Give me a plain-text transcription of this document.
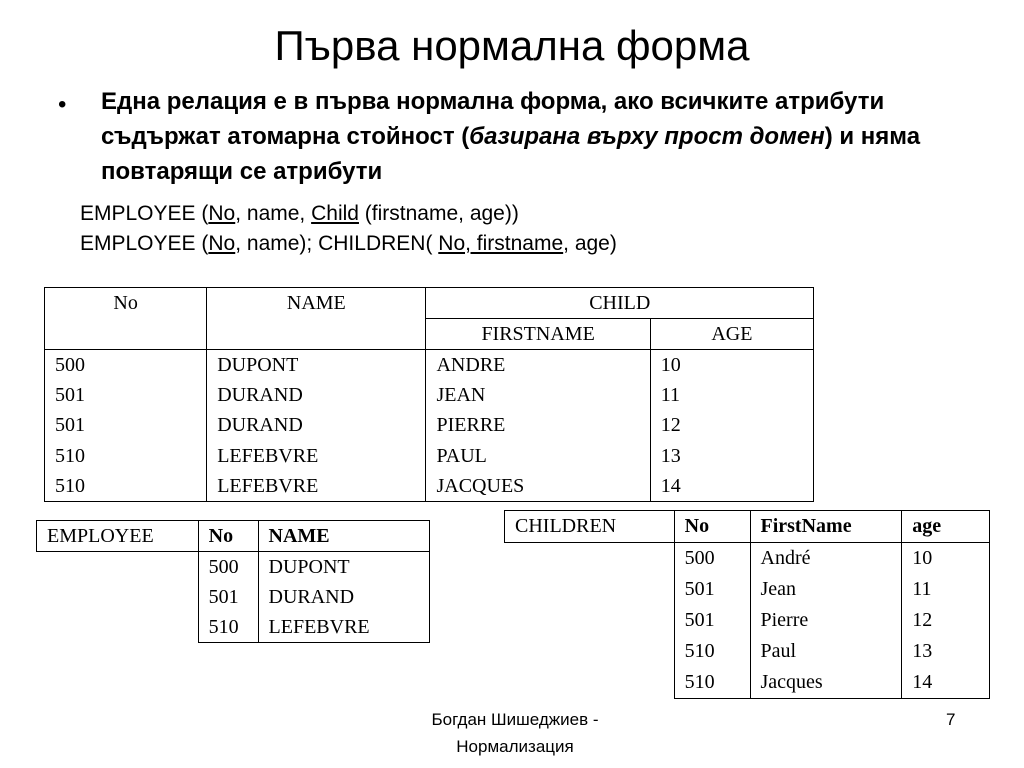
Първа нормална форма
• Една релация е в първа нормална форма, ако всичките атрибути съдържат атомарна стойност (базирана върху прост домен) и няма повтарящи се атрибути
EMPLOYEE (No, name, Child (firstname, age))
EMPLOYEE (No, name); CHILDREN( No, firstname, age)
No	NAME	CHILD	
		FIRSTNAME	AGE
500	DUPONT	ANDRE	10
501	DURAND	JEAN	11
501	DURAND	PIERRE	12
510	LEFEBVRE	PAUL	13
510	LEFEBVRE	JACQUES	14
EMPLOYEE	No	NAME
	500	DUPONT
	501	DURAND
	510	LEFEBVRE
CHILDREN	No	FirstName	age
	500	André	10
	501	Jean	11
	501	Pierre	12
	510	Paul	13
	510	Jacques	14
Богдан Шишеджиев -
Нормализация
7
